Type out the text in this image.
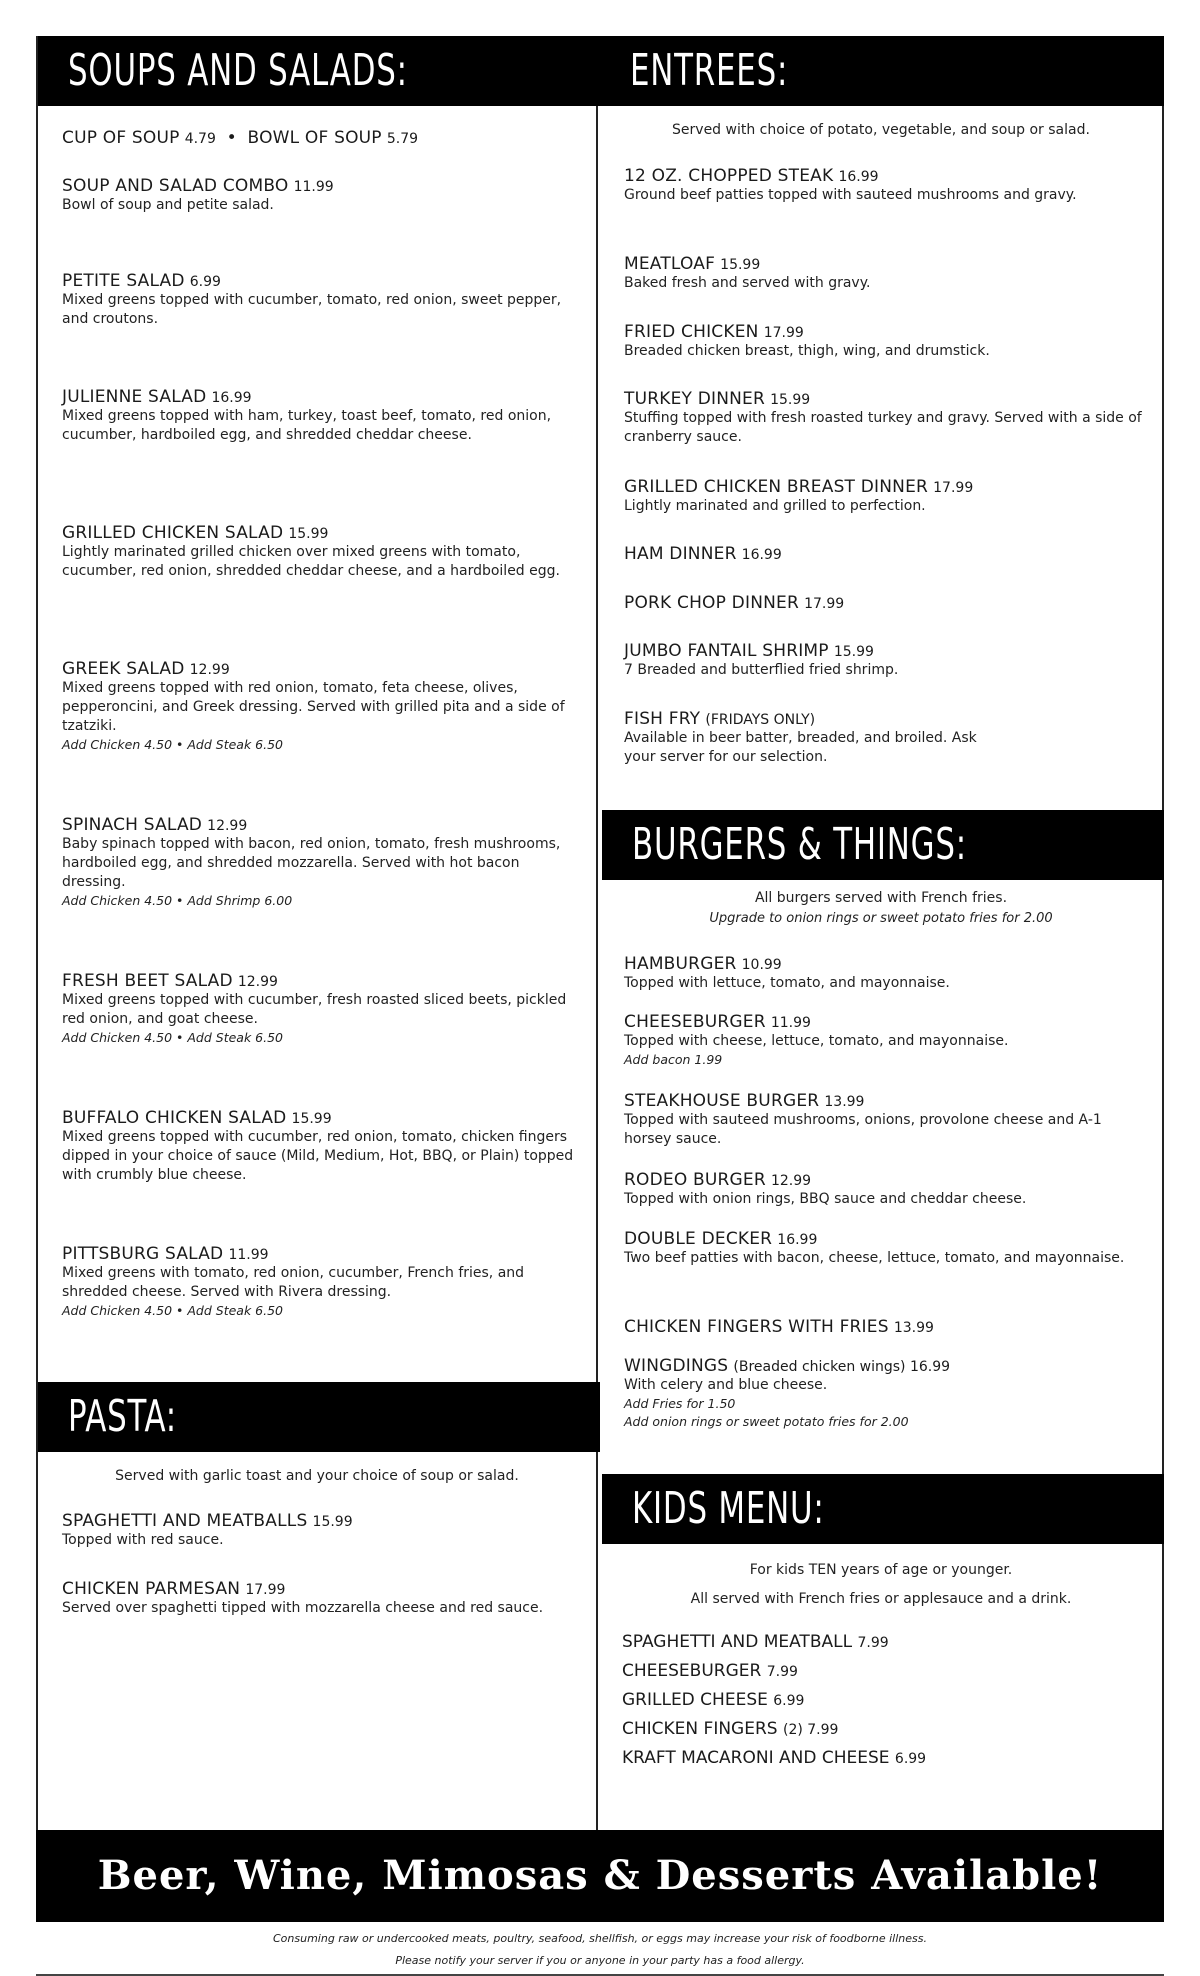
SOUPS AND SALADS:
CUP OF SOUP 4.79  •  BOWL OF SOUP 5.79
SOUP AND SALAD COMBO 11.99
Bowl of soup and petite salad.
PETITE SALAD 6.99
Mixed greens topped with cucumber, tomato, red onion, sweet pepper, and croutons.
JULIENNE SALAD 16.99
Mixed greens topped with ham, turkey, toast beef, tomato, red onion, cucumber, hardboiled egg, and shredded cheddar cheese.
GRILLED CHICKEN SALAD 15.99
Lightly marinated grilled chicken over mixed greens with tomato, cucumber, red onion, shredded cheddar cheese, and a hardboiled egg.
GREEK SALAD 12.99
Mixed greens topped with red onion, tomato, feta cheese, olives, pepperoncini, and Greek dressing. Served with grilled pita and a side of tzatziki.
Add Chicken 4.50 • Add Steak 6.50
SPINACH SALAD 12.99
Baby spinach topped with bacon, red onion, tomato, fresh mushrooms, hardboiled egg, and shredded mozzarella. Served with hot bacon dressing.
Add Chicken 4.50 • Add Shrimp 6.00
FRESH BEET SALAD 12.99
Mixed greens topped with cucumber, fresh roasted sliced beets, pickled red onion, and goat cheese.
Add Chicken 4.50 • Add Steak 6.50
BUFFALO CHICKEN SALAD 15.99
Mixed greens topped with cucumber, red onion, tomato, chicken fingers dipped in your choice of sauce (Mild, Medium, Hot, BBQ, or Plain) topped with crumbly blue cheese.
PITTSBURG SALAD 11.99
Mixed greens with tomato, red onion, cucumber, French fries, and shredded cheese. Served with Rivera dressing.
Add Chicken 4.50 • Add Steak 6.50
PASTA:
Served with garlic toast and your choice of soup or salad.
SPAGHETTI AND MEATBALLS 15.99
Topped with red sauce.
CHICKEN PARMESAN 17.99
Served over spaghetti tipped with mozzarella cheese and red sauce.
ENTREES:
Served with choice of potato, vegetable, and soup or salad.
12 OZ. CHOPPED STEAK 16.99
Ground beef patties topped with sauteed mushrooms and gravy.
MEATLOAF 15.99
Baked fresh and served with gravy.
FRIED CHICKEN 17.99
Breaded chicken breast, thigh, wing, and drumstick.
TURKEY DINNER 15.99
Stuffing topped with fresh roasted turkey and gravy. Served with a side of cranberry sauce.
GRILLED CHICKEN BREAST DINNER 17.99
Lightly marinated and grilled to perfection.
HAM DINNER 16.99
PORK CHOP DINNER 17.99
JUMBO FANTAIL SHRIMP 15.99
7 Breaded and butterflied fried shrimp.
FISH FRY (FRIDAYS ONLY)
Available in beer batter, breaded, and broiled. Ask your server for our selection.
BURGERS & THINGS:
All burgers served with French fries.
Upgrade to onion rings or sweet potato fries for 2.00
HAMBURGER 10.99
Topped with lettuce, tomato, and mayonnaise.
CHEESEBURGER 11.99
Topped with cheese, lettuce, tomato, and mayonnaise.
Add bacon 1.99
STEAKHOUSE BURGER 13.99
Topped with sauteed mushrooms, onions, provolone cheese and A-1 horsey sauce.
RODEO BURGER 12.99
Topped with onion rings, BBQ sauce and cheddar cheese.
DOUBLE DECKER 16.99
Two beef patties with bacon, cheese, lettuce, tomato, and mayonnaise.
CHICKEN FINGERS WITH FRIES 13.99
WINGDINGS (Breaded chicken wings) 16.99
With celery and blue cheese.
Add Fries for 1.50
Add onion rings or sweet potato fries for 2.00
KIDS MENU:
For kids TEN years of age or younger.
All served with French fries or applesauce and a drink.
SPAGHETTI AND MEATBALL 7.99
CHEESEBURGER 7.99
GRILLED CHEESE 6.99
CHICKEN FINGERS (2) 7.99
KRAFT MACARONI AND CHEESE 6.99
Beer, Wine, Mimosas & Desserts Available!
Consuming raw or undercooked meats, poultry, seafood, shellfish, or eggs may increase your risk of foodborne illness.
Please notify your server if you or anyone in your party has a food allergy.
